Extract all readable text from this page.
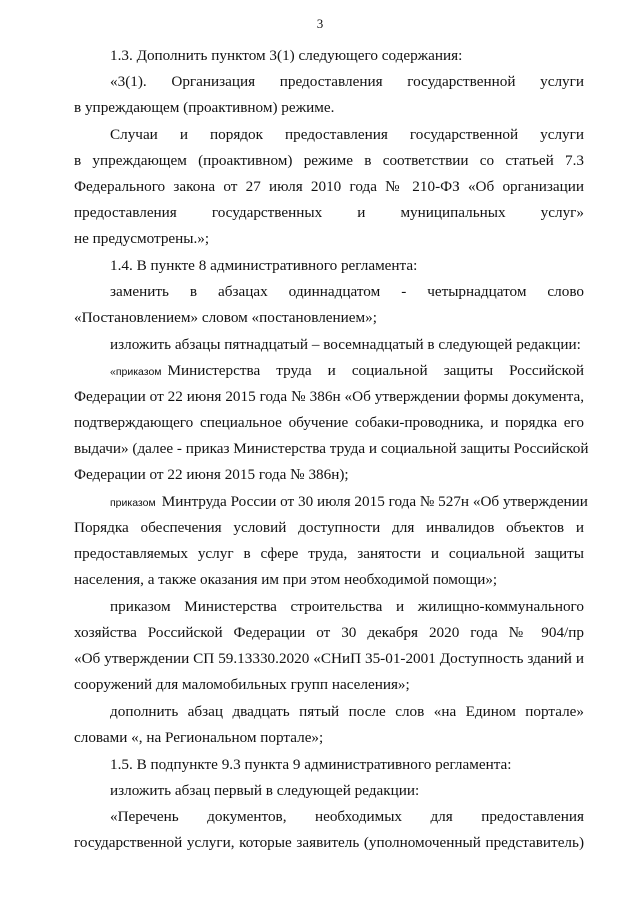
3
1.3. Дополнить пунктом 3(1) следующего содержания:
«3(1). Организация предоставления государственной услуги
в упреждающем (проактивном) режиме.
Случаи и порядок предоставления государственной услуги
в упреждающем (проактивном) режиме в соответствии со статьей 7.3
Федерального закона от 27 июля 2010 года № 210-ФЗ «Об организации
предоставления государственных и муниципальных услуг»
не предусмотрены.»;
1.4. В пункте 8 административного регламента:
заменить в абзацах одиннадцатом - четырнадцатом слово
«Постановлением» словом «постановлением»;
изложить абзацы пятнадцатый – восемнадцатый в следующей редакции:
«приказом Министерства труда и социальной защиты Российской
Федерации от 22 июня 2015 года № 386н «Об утверждении формы документа,
подтверждающего специальное обучение собаки-проводника, и порядка его
выдачи» (далее - приказ Министерства труда и социальной защиты Российской
Федерации от 22 июня 2015 года № 386н);
приказом Минтруда России от 30 июля 2015 года № 527н «Об утверждении
Порядка обеспечения условий доступности для инвалидов объектов и
предоставляемых услуг в сфере труда, занятости и социальной защиты
населения, а также оказания им при этом необходимой помощи»;
приказом Министерства строительства и жилищно-коммунального
хозяйства Российской Федерации от 30 декабря 2020 года № 904/пр
«Об утверждении СП 59.13330.2020 «СНиП 35-01-2001 Доступность зданий и
сооружений для маломобильных групп населения»;
дополнить абзац двадцать пятый после слов «на Едином портале»
словами «, на Региональном портале»;
1.5. В подпункте 9.3 пункта 9 административного регламента:
изложить абзац первый в следующей редакции:
«Перечень документов, необходимых для предоставления
государственной услуги, которые заявитель (уполномоченный представитель)
